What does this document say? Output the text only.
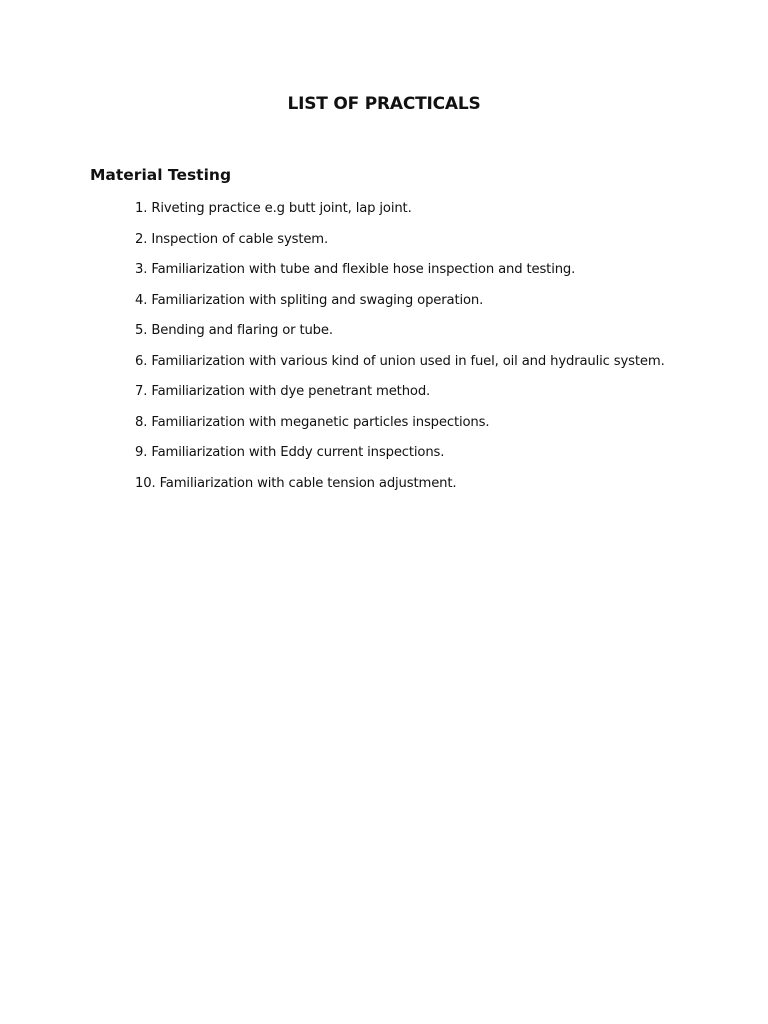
LIST OF PRACTICALS
Material Testing
1. Riveting practice e.g butt joint, lap joint.
2. Inspection of cable system.
3. Familiarization with tube and flexible hose inspection and testing.
4. Familiarization with spliting and swaging operation.
5. Bending and flaring or tube.
6. Familiarization with various kind of union used in fuel, oil and hydraulic system.
7. Familiarization with dye penetrant method.
8. Familiarization with meganetic particles inspections.
9. Familiarization with Eddy current inspections.
10. Familiarization with cable tension adjustment.
